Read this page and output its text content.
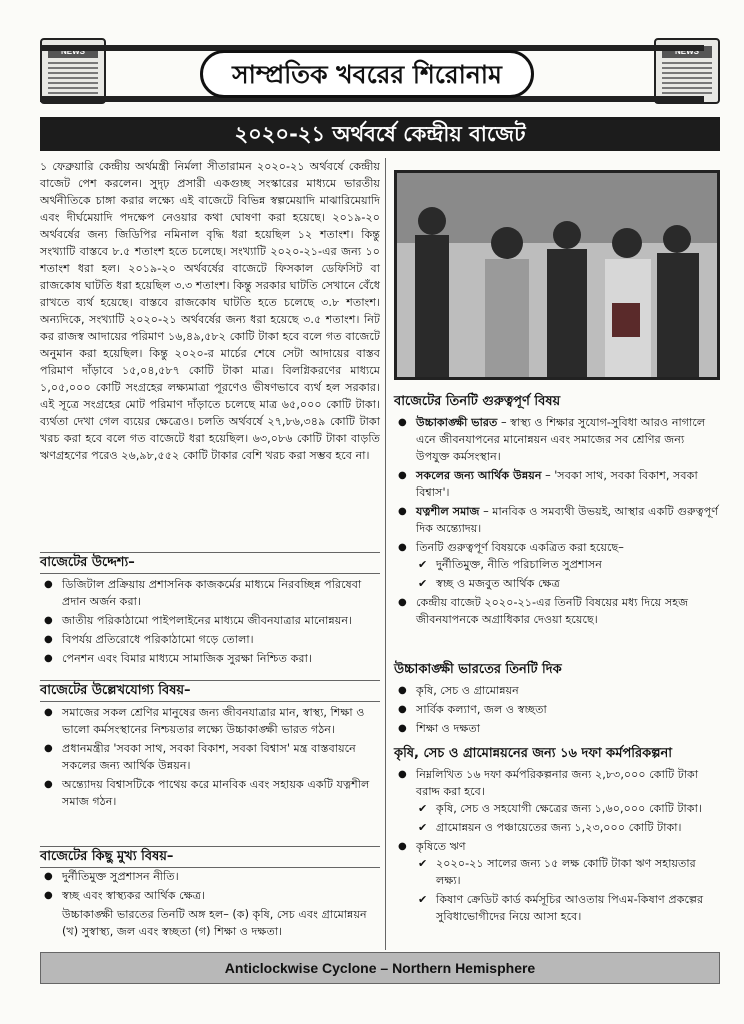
NEWS	NEWS
সাম্প্রতিক খবরের শিরোনাম
২০২০-২১ অর্থবর্ষে কেন্দ্রীয় বাজেট

১ ফেব্রুয়ারি কেন্দ্রীয় অর্থমন্ত্রী নির্মলা সীতারামন ২০২০-২১ অর্থবর্ষে কেন্দ্রীয় বাজেট পেশ করলেন। সুদৃঢ় প্রসারী একগুচ্ছ সংস্কারের মাধ্যমে ভারতীয় অর্থনীতিকে চাঙ্গা করার লক্ষ্যে এই বাজেটে বিভিন্ন স্বল্পমেয়াদি মাঝারিমেয়াদি এবং দীর্ঘমেয়াদি পদক্ষেপ নেওয়ার কথা ঘোষণা করা হয়েছে। ২০১৯-২০ অর্থবর্ষের জন্য জিডিপির নমিনাল বৃদ্ধি ধরা হয়েছিল ১২ শতাংশ। কিন্তু সংখ্যাটি বাস্তবে ৮.৫ শতাংশ হতে চলেছে। সংখ্যাটি ২০২০-২১-এর জন্য ১০ শতাংশ ধরা হল। ২০১৯-২০ অর্থবর্ষের বাজেটে ফিসকাল ডেফিসিট বা রাজকোষ ঘাটতি ধরা হয়েছিল ৩.৩ শতাংশ। কিন্তু সরকার ঘাটতি সেখানে বেঁধে রাখতে ব্যর্থ হয়েছে। বাস্তবে রাজকোষ ঘাটতি হতে চলেছে ৩.৮ শতাংশ। অন্যদিকে, সংখ্যাটি ২০২০-২১ অর্থবর্ষের জন্য ধরা হয়েছে ৩.৫ শতাংশ। নিট কর রাজস্ব আদায়ের পরিমাণ ১৬,৪৯,৫৮২ কোটি টাকা হবে বলে গত বাজেটে অনুমান করা হয়েছিল। কিন্তু ২০২০-র মার্চের শেষে সেটা আদায়ের বাস্তব পরিমাণ দাঁড়াবে ১৫,০৪,৫৮৭ কোটি টাকা মাত্র। বিলগ্নিকরণের মাধ্যমে ১,০৫,০০০ কোটি সংগ্রহের লক্ষ্যমাত্রা পূরণেও ভীষণভাবে ব্যর্থ হল সরকার। এই সূত্রে সংগ্রহের মোট পরিমাণ দাঁড়াতে চলেছে মাত্র ৬৫,০০০ কোটি টাকা। ব্যর্থতা দেখা গেল ব্যয়ের ক্ষেত্রেও। চলতি অর্থবর্ষে ২৭,৮৬,৩৪৯ কোটি টাকা খরচ করা হবে বলে গত বাজেটে ধরা হয়েছিল। ৬৩,০৮৬ কোটি টাকা বাড়তি ঋণগ্রহণের পরেও ২৬,৯৮,৫৫২ কোটি টাকার বেশি খরচ করা সম্ভব হবে না।

বাজেটের উদ্দেশ্য–
● ডিজিটাল প্রক্রিয়ায় প্রশাসনিক কাজকর্মের মাধ্যমে নিরবচ্ছিন্ন পরিষেবা প্রদান অর্জন করা।
● জাতীয় পরিকাঠামো পাইপলাইনের মাধ্যমে জীবনযাত্রার মানোন্নয়ন।
● বিপর্যয় প্রতিরোধে পরিকাঠামো গড়ে তোলা।
● পেনশন এবং বিমার মাধ্যমে সামাজিক সুরক্ষা নিশ্চিত করা।
বাজেটের উল্লেখযোগ্য বিষয়–
● সমাজের সকল শ্রেণির মানুষের জন্য জীবনযাত্রার মান, স্বাস্থ্য, শিক্ষা ও ভালো কর্মসংস্থানের নিশ্চয়তার লক্ষ্যে উচ্চাকাঙ্ক্ষী ভারত গঠন।
● প্রধানমন্ত্রীর 'সবকা সাথ, সবকা বিকাশ, সবকা বিশ্বাস' মন্ত্র বাস্তবায়নে সকলের জন্য আর্থিক উন্নয়ন।
● অন্ত্যোদয় বিশ্বাসটিকে পাথেয় করে মানবিক এবং সহায়ক একটি যত্নশীল সমাজ গঠন।
বাজেটের কিছু মুখ্য বিষয়–
● দুর্নীতিমুক্ত সুপ্রশাসন নীতি।
● স্বচ্ছ এবং স্বাস্থ্যকর আর্থিক ক্ষেত্র।

উচ্চাকাঙ্ক্ষী ভারতের তিনটি অঙ্গ হল– (ক) কৃষি, সেচ এবং গ্রামোন্নয়ন (খ) সুস্বাস্থ্য, জল এবং স্বচ্ছতা (গ) শিক্ষা ও দক্ষতা।

বাজেটের তিনটি গুরুত্বপূর্ণ বিষয়
● উচ্চাকাঙ্ক্ষী ভারত – স্বাস্থ্য ও শিক্ষার সুযোগ-সুবিধা আরও নাগালে এনে জীবনযাপনের মানোন্নয়ন এবং সমাজের সব শ্রেণির জন্য উপযুক্ত কর্মসংস্থান।
● সকলের জন্য আর্থিক উন্নয়ন – 'সবকা সাথ, সবকা বিকাশ, সবকা বিশ্বাস'।
● যত্নশীল সমাজ – মানবিক ও সমব্যথী উভয়ই, আস্থার একটি গুরুত্বপূর্ণ দিক অন্ত্যোদয়।
● তিনটি গুরুত্বপূর্ণ বিষয়কে একত্রিত করা হয়েছে–
✔ দুর্নীতিমুক্ত, নীতি পরিচালিত সুপ্রশাসন
✔ স্বচ্ছ ও মজবুত আর্থিক ক্ষেত্র
● কেন্দ্রীয় বাজেট ২০২০-২১-এর তিনটি বিষয়ের মধ্য দিয়ে সহজ জীবনযাপনকে অগ্রাধিকার দেওয়া হয়েছে।
উচ্চাকাঙ্ক্ষী ভারতের তিনটি দিক
● কৃষি, সেচ ও গ্রামোন্নয়ন
● সার্বিক কল্যাণ, জল ও স্বচ্ছতা
● শিক্ষা ও দক্ষতা
কৃষি, সেচ ও গ্রামোন্নয়নের জন্য ১৬ দফা কর্মপরিকল্পনা
● নিম্নলিখিত ১৬ দফা কর্মপরিকল্পনার জন্য ২,৮৩,০০০ কোটি টাকা বরাদ্দ করা হবে।
✔ কৃষি, সেচ ও সহযোগী ক্ষেত্রের জন্য ১,৬০,০০০ কোটি টাকা।
✔ গ্রামোন্নয়ন ও পঞ্চায়েতের জন্য ১,২৩,০০০ কোটি টাকা।
● কৃষিতে ঋণ
✔ ২০২০-২১ সালের জন্য ১৫ লক্ষ কোটি টাকা ঋণ সহায়তার লক্ষ্য।
✔ কিষাণ ক্রেডিট কার্ড কর্মসূচির আওতায় পিএম-কিষাণ প্রকল্পের সুবিধাভোগীদের নিয়ে আসা হবে।
Anticlockwise Cyclone – Northern Hemisphere
